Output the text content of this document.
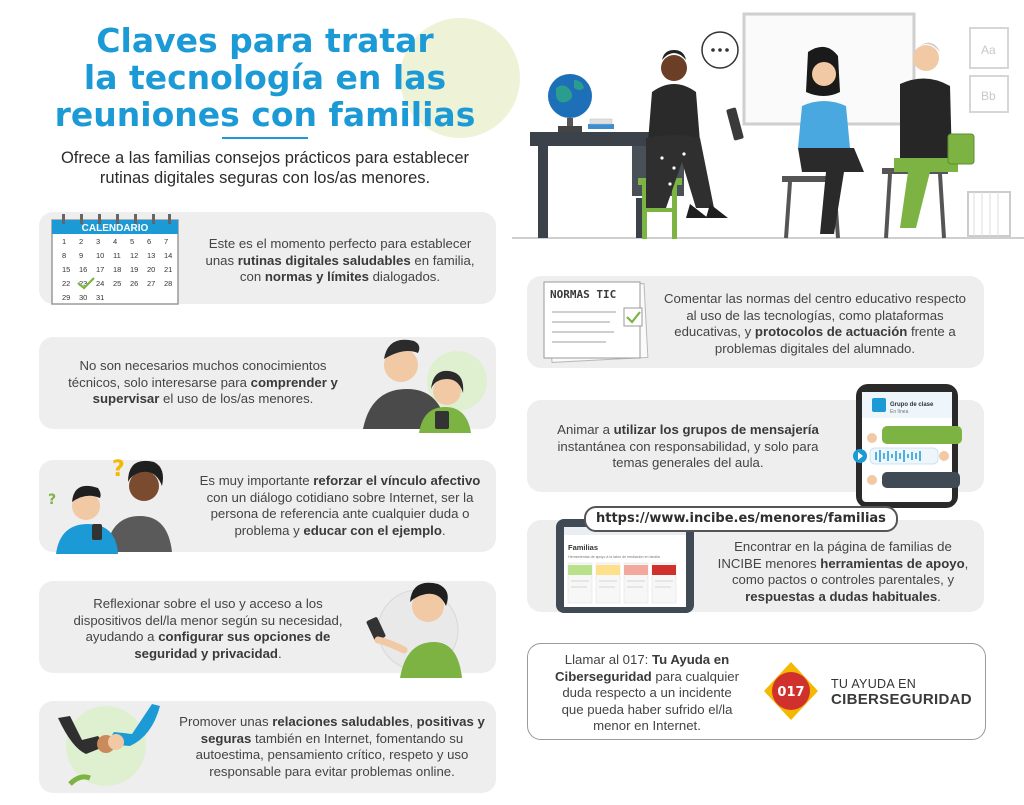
Claves para tratar
la tecnología en las
reuniones con familias
Ofrece a las familias consejos prácticos para establecer
rutinas digitales seguras con los/as menores.
Aa
Bb
CALENDARIO
1 2 3 4 5 6 7
8 9 10 11 12 13 14
15 16 17 18 19 20 21
22 23 24 25 26 27 28
29 30 31
Este es el momento perfecto para establecer
unas rutinas digitales saludables en familia,
con normas y límites dialogados.
No son necesarios muchos conocimientos
técnicos, solo interesarse para comprender y
supervisar el uso de los/as menores.
?
?
Es muy importante reforzar el vínculo afectivo
con un diálogo cotidiano sobre Internet, ser la
persona de referencia ante cualquier duda o
problema y educar con el ejemplo.
Reflexionar sobre el uso y acceso a los
dispositivos del/la menor según su necesidad,
ayudando a configurar sus opciones de
seguridad y privacidad.
Promover unas relaciones saludables, positivas y
seguras también en Internet, fomentando su
autoestima, pensamiento crítico, respeto y uso
responsable para evitar problemas online.
NORMAS TIC	Comentar las normas del centro educativo respecto
al uso de las tecnologías, como plataformas
educativas, y protocolos de actuación frente a
problemas digitales del alumnado.
Animar a utilizar los grupos de mensajería
instantánea con responsabilidad, y solo para
temas generales del aula.
Grupo de clase
En línea
Familias
Herramientas de apoyo a la labor de mediación en familia
https://www.incibe.es/menores/familias
Encontrar en la página de familias de
INCIBE menores herramientas de apoyo,
como pactos o controles parentales, y
respuestas a dudas habituales.
Llamar al 017: Tu Ayuda en
Ciberseguridad para cualquier
duda respecto a un incidente
que pueda haber sufrido el/la
menor en Internet.
017
TU AYUDA EN
CIBERSEGURIDAD
